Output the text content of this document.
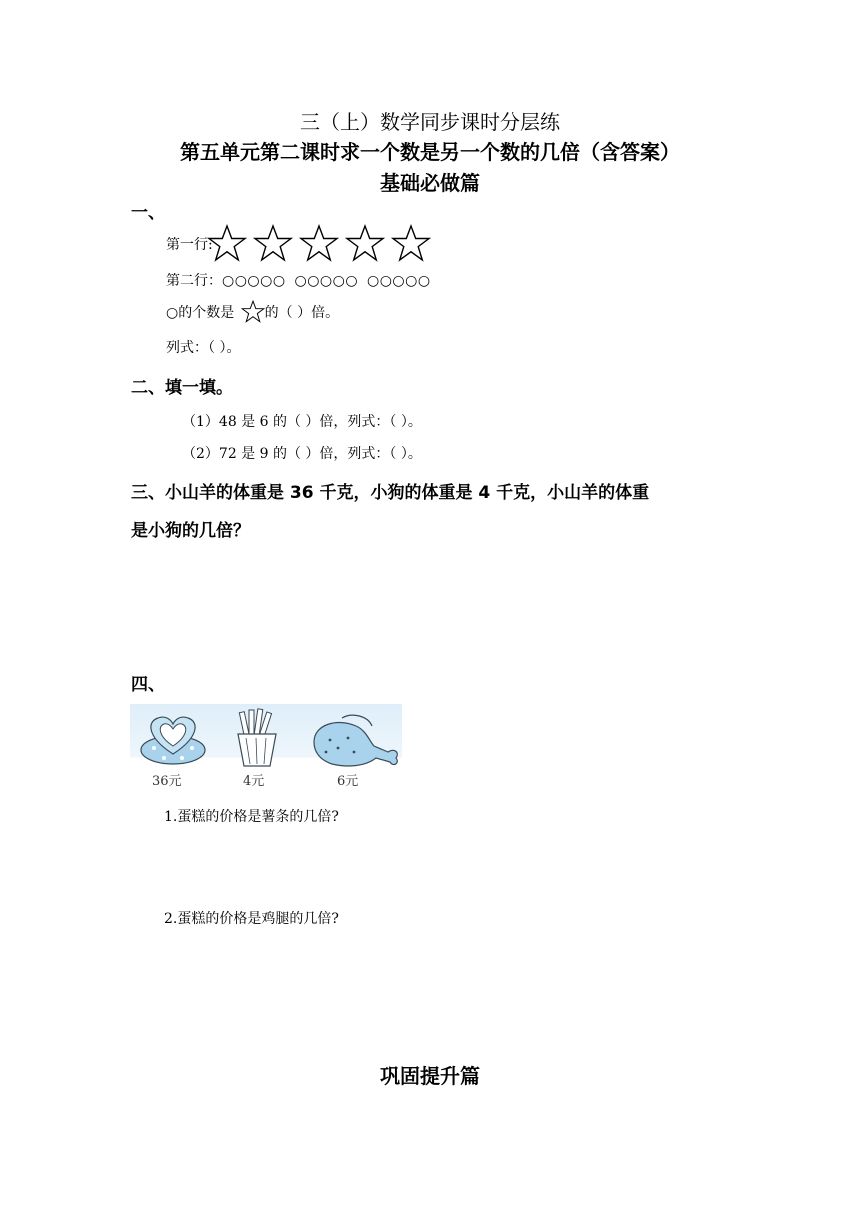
三（上）数学同步课时分层练
第五单元第二课时求一个数是另一个数的几倍（含答案）
基础必做篇
一、
第一行:
第二行：○○○○○ ○○○○○ ○○○○○
○的个数是 的（ ）倍。
列式：（ ）。
二、填一填。
（1）48 是 6 的（ ）倍，列式：（ ）。
（2）72 是 9 的（ ）倍，列式：（ ）。
三、小山羊的体重是 36 千克，小狗的体重是 4 千克，小山羊的体重
是小狗的几倍？
四、
36元	4元	6元
1.蛋糕的价格是薯条的几倍?
2.蛋糕的价格是鸡腿的几倍?
巩固提升篇
